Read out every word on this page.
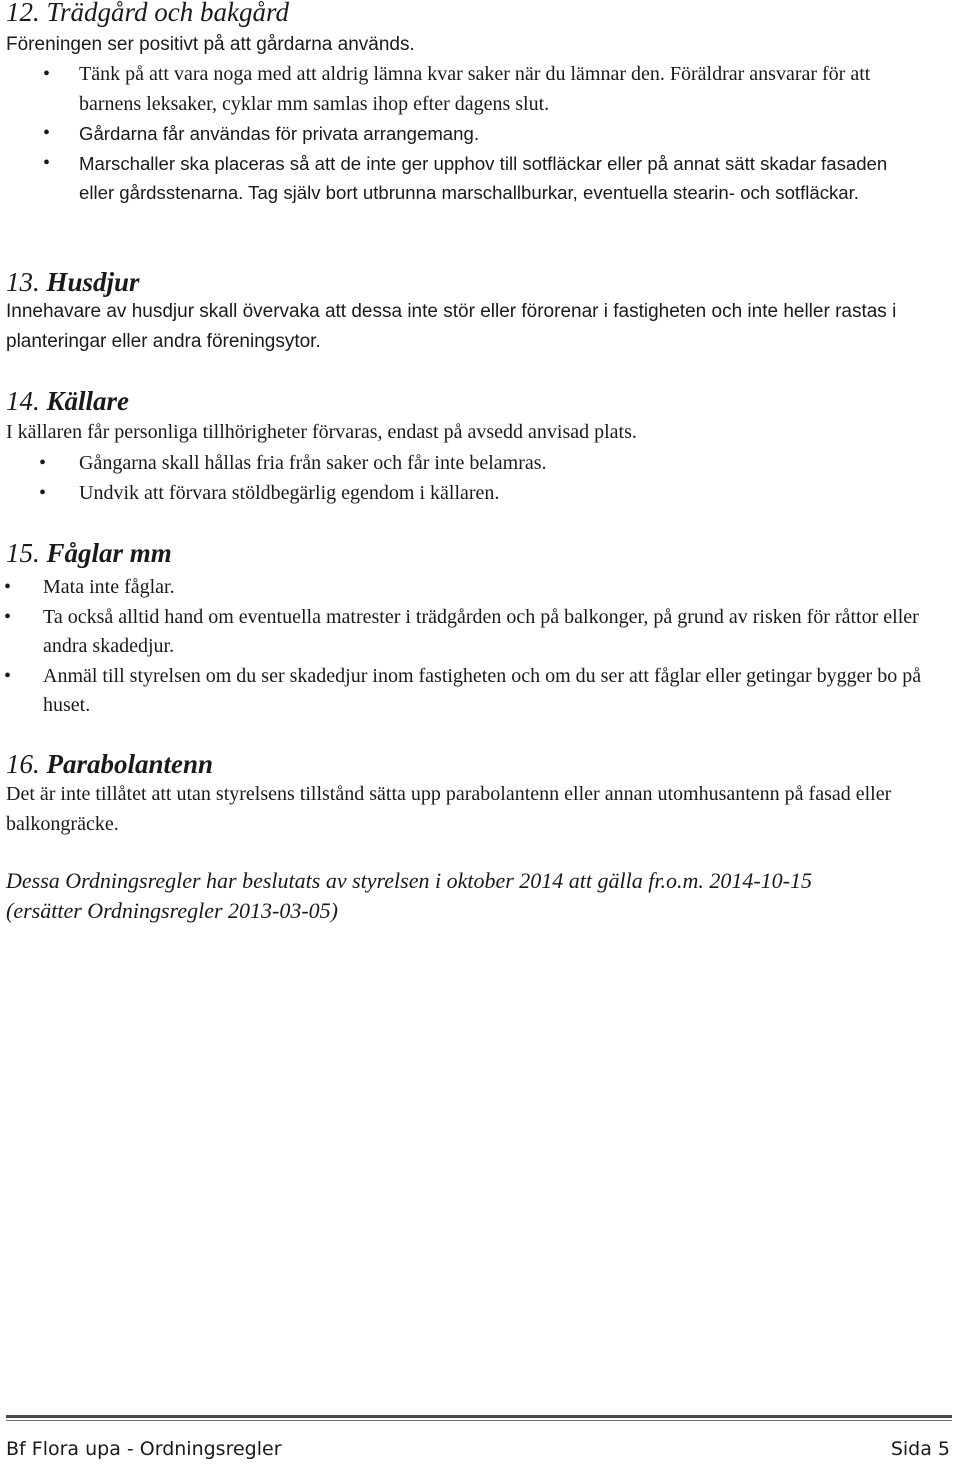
12. Trädgård och bakgård

Föreningen ser positivt på att gårdarna används.

• Tänk på att vara noga med att aldrig lämna kvar saker när du lämnar den. Föräldrar ansvarar för att barnens leksaker, cyklar mm samlas ihop efter dagens slut.
• Gårdarna får användas för privata arrangemang.
• Marschaller ska placeras så att de inte ger upphov till sotfläckar eller på annat sätt skadar fasaden eller gårdsstenarna. Tag själv bort utbrunna marschallburkar, eventuella stearin- och sotfläckar.
13. Husdjur

Innehavare av husdjur skall övervaka att dessa inte stör eller förorenar i fastigheten och inte heller rastas i planteringar eller andra föreningsytor.

14. Källare

I källaren får personliga tillhörigheter förvaras, endast på avsedd anvisad plats.

• Gångarna skall hållas fria från saker och får inte belamras.
• Undvik att förvara stöldbegärlig egendom i källaren.
15. Fåglar mm
• Mata inte fåglar.
• Ta också alltid hand om eventuella matrester i trädgården och på balkonger, på grund av risken för råttor eller andra skadedjur.
• Anmäl till styrelsen om du ser skadedjur inom fastigheten och om du ser att fåglar eller getingar bygger bo på huset.
16. Parabolantenn

Det är inte tillåtet att utan styrelsens tillstånd sätta upp parabolantenn eller annan utomhusantenn på fasad eller balkongräcke.

Dessa Ordningsregler har beslutats av styrelsen i oktober 2014 att gälla fr.o.m. 2014-10-15
(ersätter Ordningsregler 2013-03-05)
Bf Flora upa - Ordningsregler	Sida 5
